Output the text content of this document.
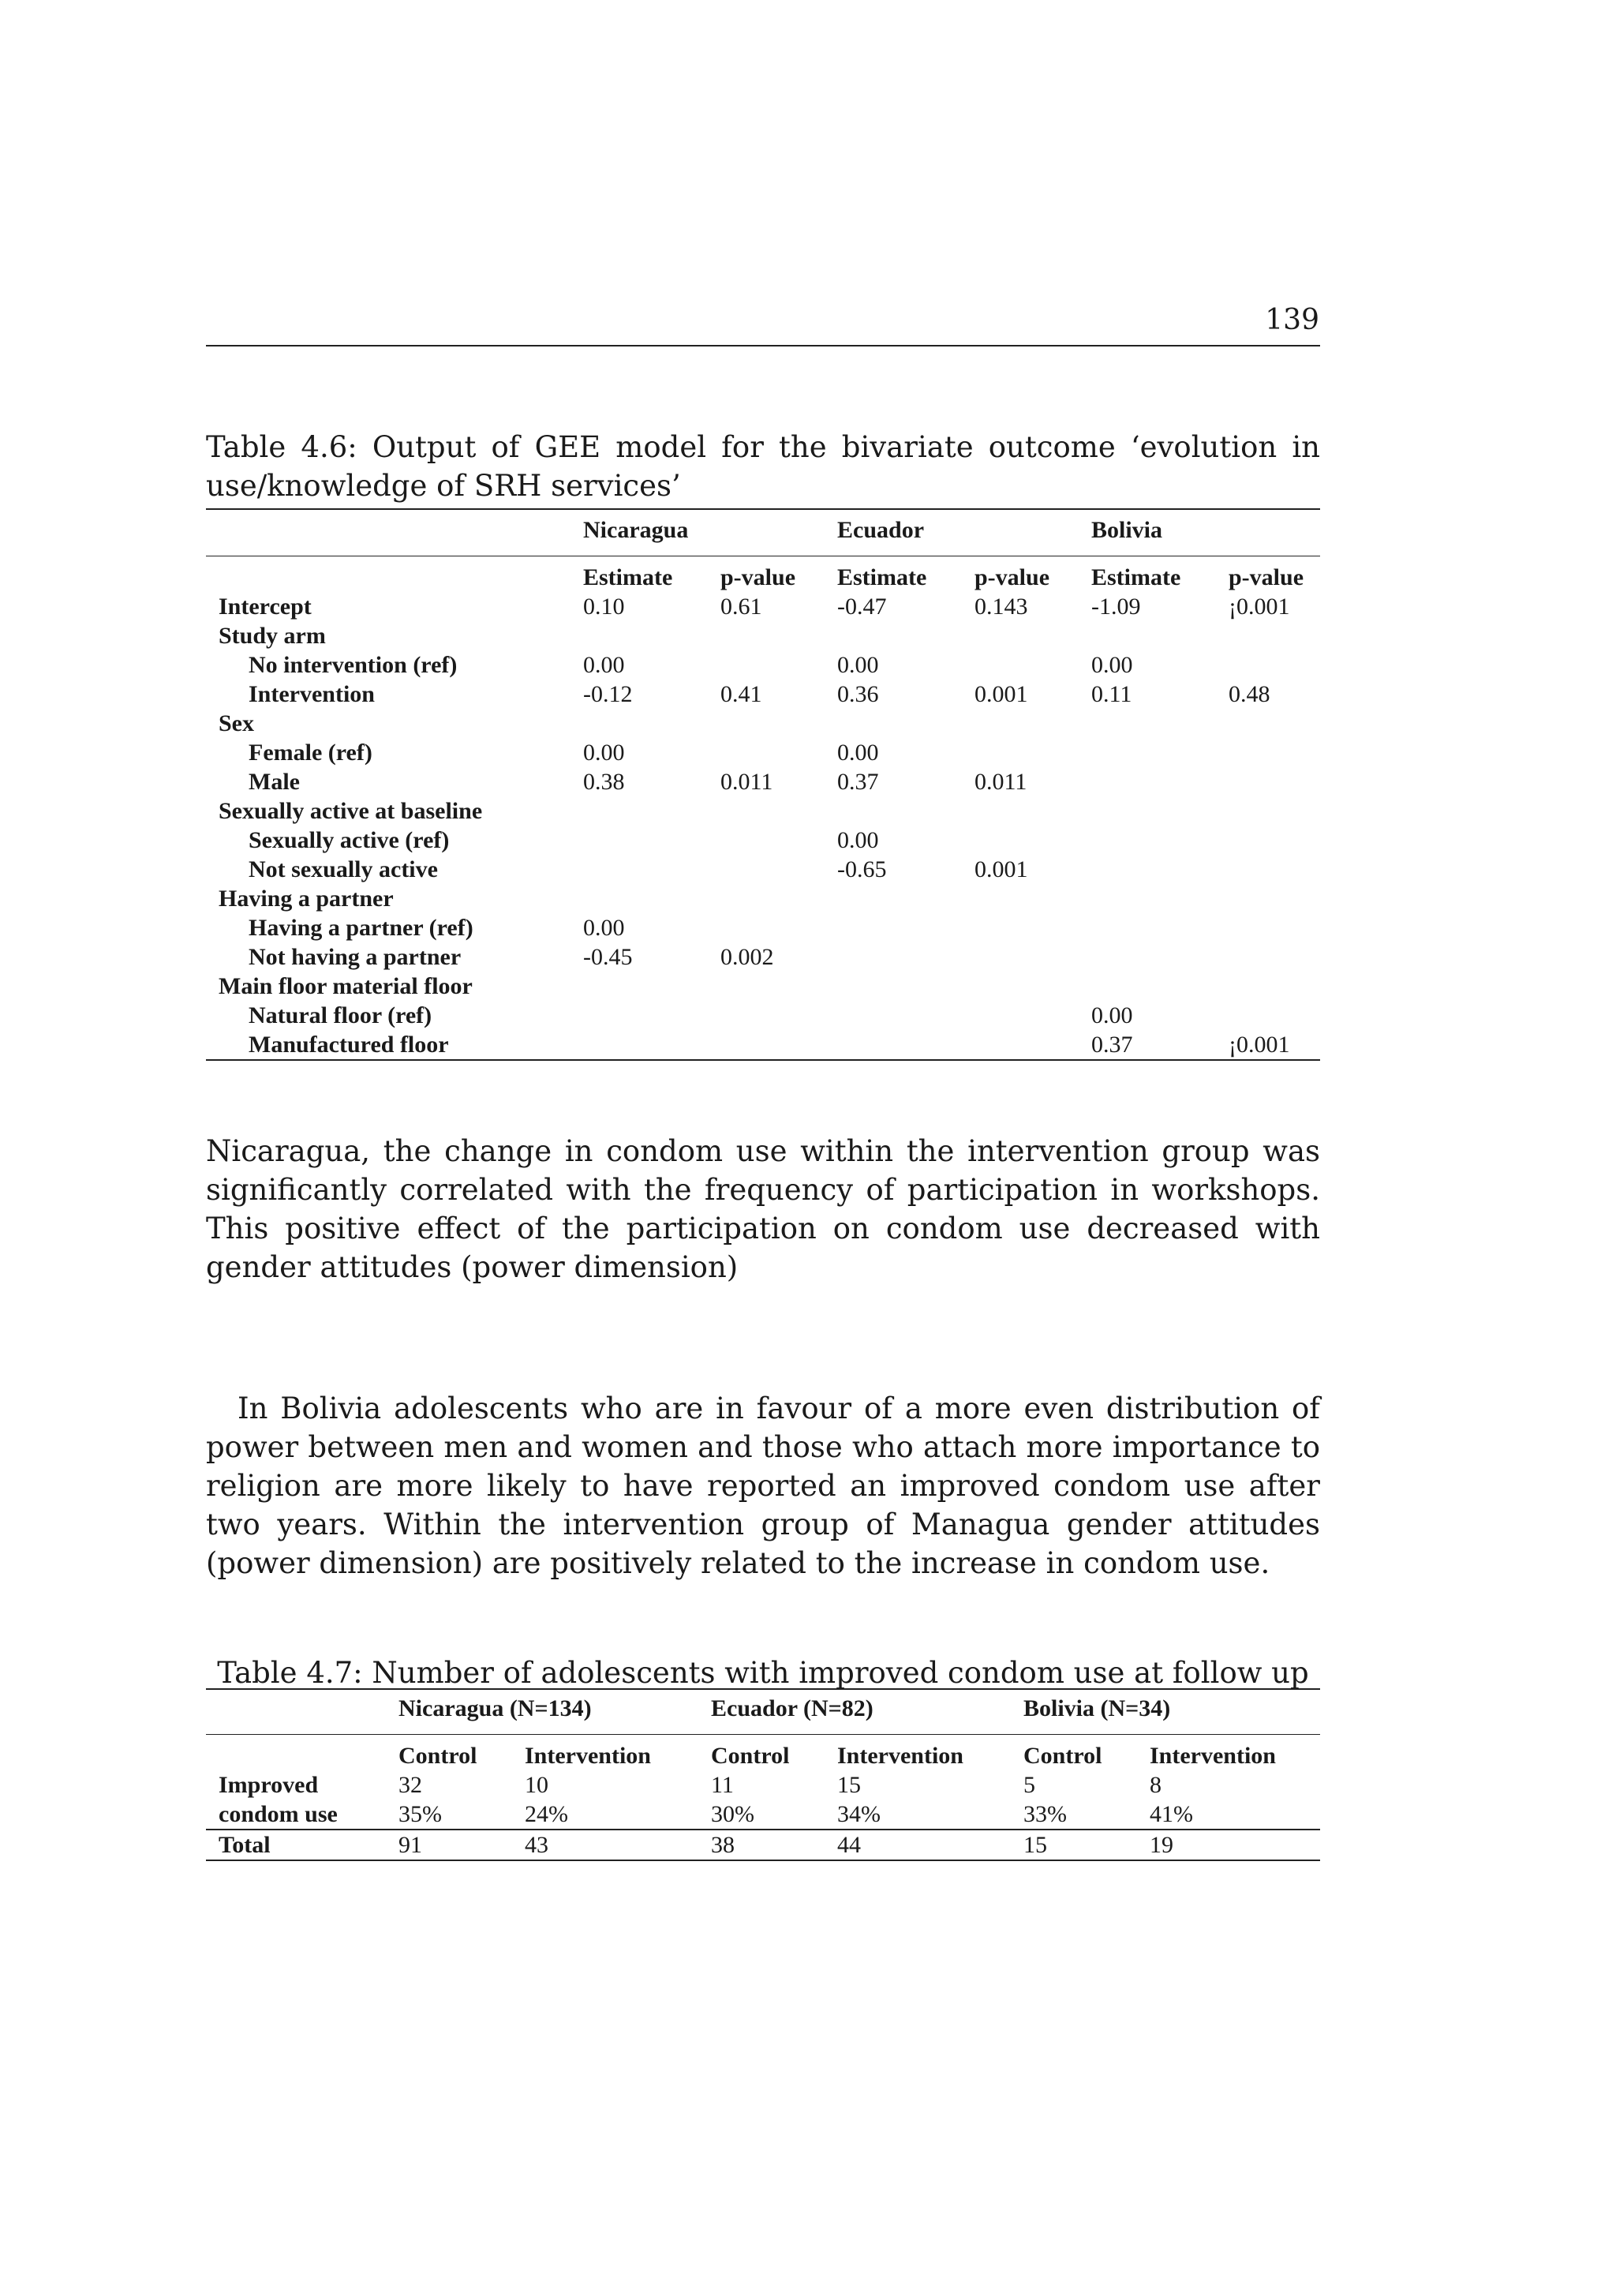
139
Table 4.6: Output of GEE model for the bivariate outcome ‘evolution in use/knowledge of SRH services’
	Nicaragua		Ecuador		Bolivia	
	Estimate	p-value	Estimate	p-value	Estimate	p-value
Intercept	0.10	0.61	-0.47	0.143	-1.09	¡0.001
Study arm						
No intervention (ref)	0.00		0.00		0.00	
Intervention	-0.12	0.41	0.36	0.001	0.11	0.48
Sex						
Female (ref)	0.00		0.00			
Male	0.38	0.011	0.37	0.011		
Sexually active at baseline						
Sexually active (ref)			0.00			
Not sexually active			-0.65	0.001		
Having a partner						
Having a partner (ref)	0.00					
Not having a partner	-0.45	0.002				
Main floor material floor						
Natural floor (ref)					0.00	
Manufactured floor					0.37	¡0.001
Nicaragua, the change in condom use within the intervention group was significantly correlated with the frequency of participation in workshops. This positive effect of the participation on condom use decreased with gender attitudes (power dimension)
In Bolivia adolescents who are in favour of a more even distribution of power between men and women and those who attach more importance to religion are more likely to have reported an improved condom use after two years. Within the intervention group of Managua gender attitudes (power dimension) are positively related to the increase in condom use.
Table 4.7: Number of adolescents with improved condom use at follow up
	Nicaragua (N=134)		Ecuador (N=82)		Bolivia (N=34)	
	Control	Intervention	Control	Intervention	Control	Intervention
Improved	32	10	11	15	5	8
condom use	35%	24%	30%	34%	33%	41%
Total	91	43	38	44	15	19
